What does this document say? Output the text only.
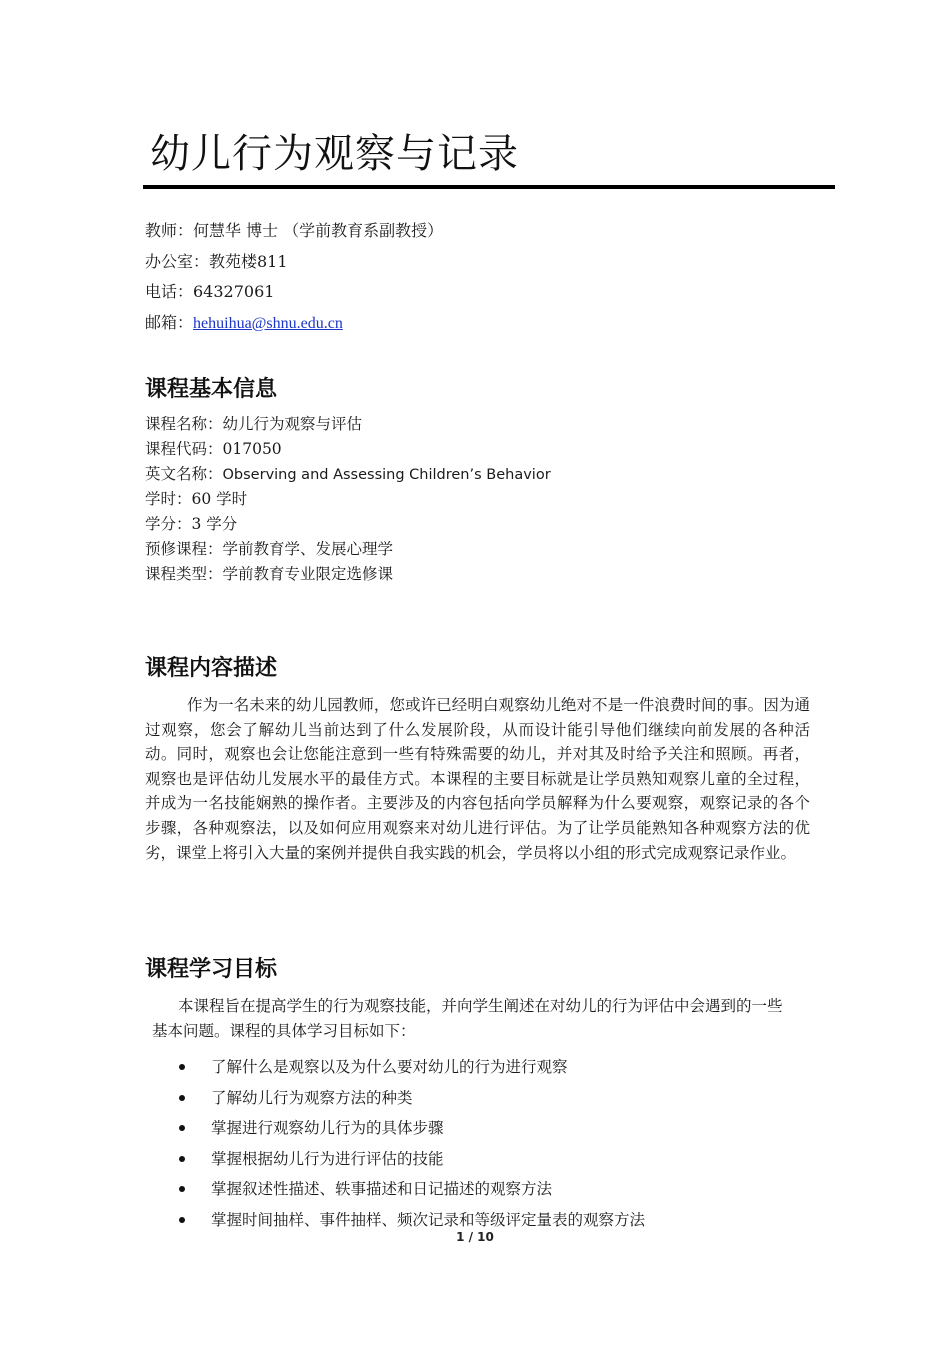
幼儿行为观察与记录
教师：何慧华 博士 （学前教育系副教授）
办公室：教苑楼811
电话：64327061
邮箱：hehuihua@shnu.edu.cn
课程基本信息
课程名称：幼儿行为观察与评估
课程代码：017050
英文名称：Observing and Assessing Children’s Behavior
学时：60 学时
学分：3 学分
预修课程：学前教育学、发展心理学
课程类型：学前教育专业限定选修课
课程内容描述

作为一名未来的幼儿园教师，您或许已经明白观察幼儿绝对不是一件浪费时间的事。因为通过观察，您会了解幼儿当前达到了什么发展阶段，从而设计能引导他们继续向前发展的各种活动。同时，观察也会让您能注意到一些有特殊需要的幼儿，并对其及时给予关注和照顾。再者，观察也是评估幼儿发展水平的最佳方式。本课程的主要目标就是让学员熟知观察儿童的全过程，并成为一名技能娴熟的操作者。主要涉及的内容包括向学员解释为什么要观察，观察记录的各个步骤，各种观察法，以及如何应用观察来对幼儿进行评估。为了让学员能熟知各种观察方法的优劣，课堂上将引入大量的案例并提供自我实践的机会，学员将以小组的形式完成观察记录作业。

课程学习目标

本课程旨在提高学生的行为观察技能，并向学生阐述在对幼儿的行为评估中会遇到的一些基本问题。课程的具体学习目标如下：

了解什么是观察以及为什么要对幼儿的行为进行观察
了解幼儿行为观察方法的种类
掌握进行观察幼儿行为的具体步骤
掌握根据幼儿行为进行评估的技能
掌握叙述性描述、轶事描述和日记描述的观察方法
掌握时间抽样、事件抽样、频次记录和等级评定量表的观察方法
1 / 10
